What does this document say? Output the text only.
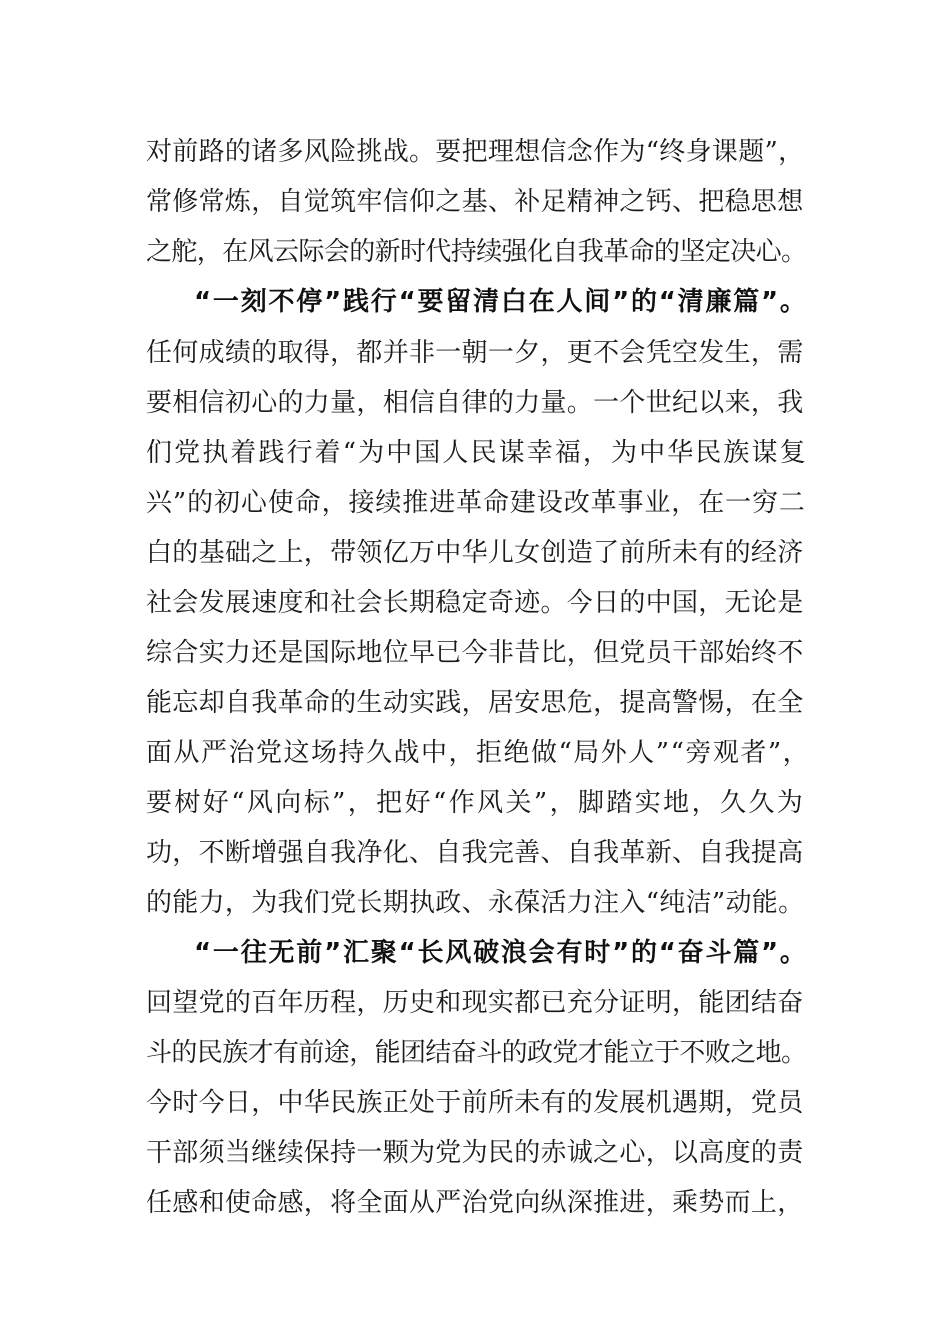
对前路的诸多风险挑战。要把理想信念作为“终身课题”，
常修常炼，自觉筑牢信仰之基、补足精神之钙、把稳思想
之舵，在风云际会的新时代持续强化自我革命的坚定决心。
“一刻不停”践行“要留清白在人间”的“清廉篇”。
任何成绩的取得，都并非一朝一夕，更不会凭空发生，需
要相信初心的力量，相信自律的力量。一个世纪以来，我
们党执着践行着“为中国人民谋幸福，为中华民族谋复
兴”的初心使命，接续推进革命建设改革事业，在一穷二
白的基础之上，带领亿万中华儿女创造了前所未有的经济
社会发展速度和社会长期稳定奇迹。今日的中国，无论是
综合实力还是国际地位早已今非昔比，但党员干部始终不
能忘却自我革命的生动实践，居安思危，提高警惕，在全
面从严治党这场持久战中，拒绝做“局外人”“旁观者”，
要树好“风向标”，把好“作风关”，脚踏实地，久久为
功，不断增强自我净化、自我完善、自我革新、自我提高
的能力，为我们党长期执政、永葆活力注入“纯洁”动能。
“一往无前”汇聚“长风破浪会有时”的“奋斗篇”。
回望党的百年历程，历史和现实都已充分证明，能团结奋
斗的民族才有前途，能团结奋斗的政党才能立于不败之地。
今时今日，中华民族正处于前所未有的发展机遇期，党员
干部须当继续保持一颗为党为民的赤诚之心，以高度的责
任感和使命感，将全面从严治党向纵深推进，乘势而上，
